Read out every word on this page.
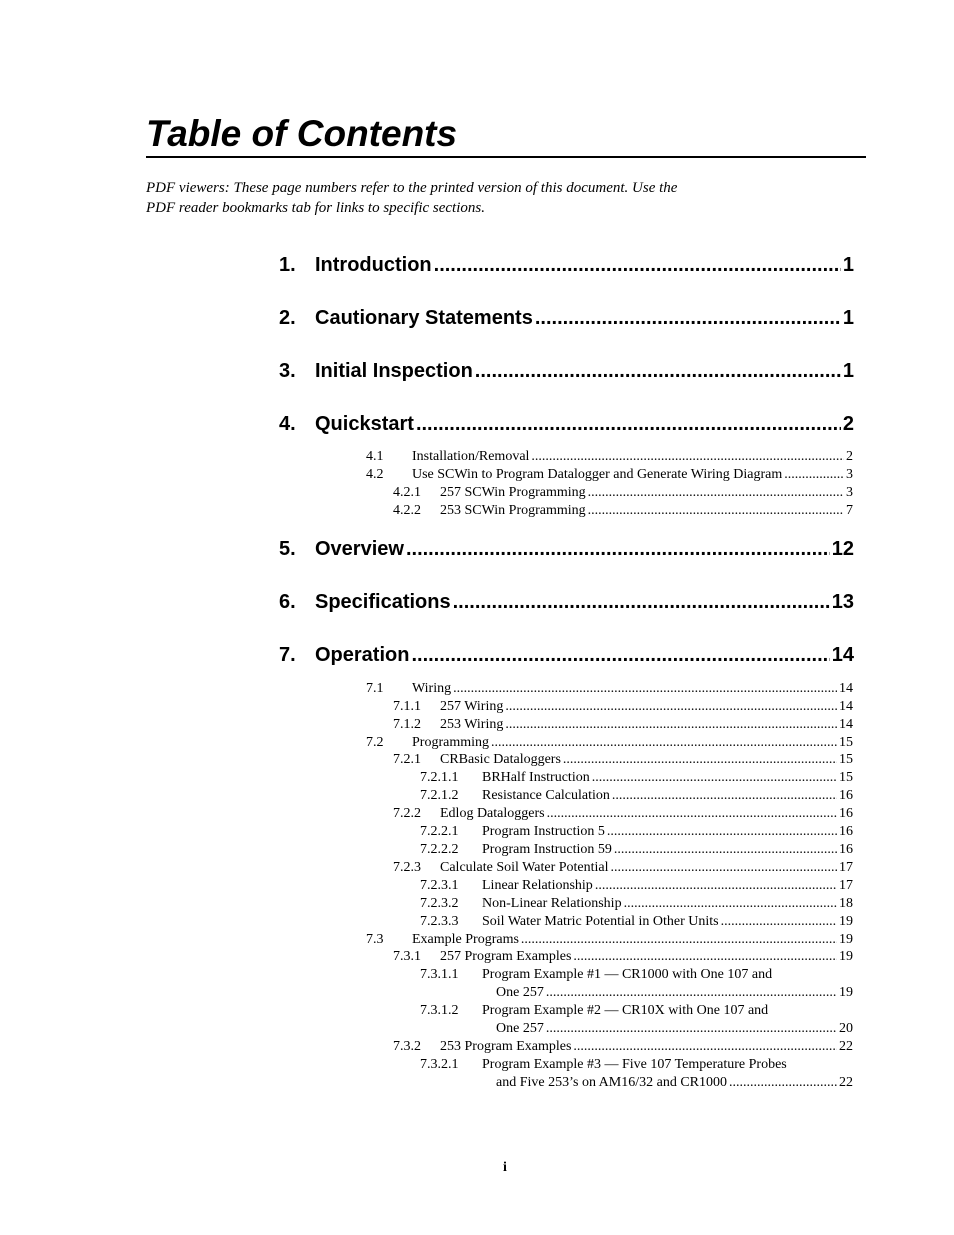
Table of Contents
PDF viewers: These page numbers refer to the printed version of this document. Use the
PDF reader bookmarks tab for links to specific sections.
1. Introduction .....	1
2. Cautionary Statements .....	1
3. Initial Inspection .....	1
4. Quickstart .....	2
4.1	Installation/Removal .....	2
4.2	Use SCWin to Program Datalogger and Generate Wiring Diagram .....	3
4.2.1	257 SCWin Programming .....	3
4.2.2	253 SCWin Programming .....	7
5. Overview .....	12
6. Specifications .....	13
7. Operation .....	14
7.1	Wiring .....	14
7.1.1	257 Wiring .....	14
7.1.2	253 Wiring .....	14
7.2	Programming .....	15
7.2.1	CRBasic Dataloggers .....	15
7.2.1.1	BRHalf Instruction .....	15
7.2.1.2	Resistance Calculation .....	16
7.2.2	Edlog Dataloggers .....	16
7.2.2.1	Program Instruction 5 .....	16
7.2.2.2	Program Instruction 59 .....	16
7.2.3	Calculate Soil Water Potential .....	17
7.2.3.1	Linear Relationship .....	17
7.2.3.2	Non-Linear Relationship .....	18
7.2.3.3	Soil Water Matric Potential in Other Units .....	19
7.3	Example Programs .....	19
7.3.1	257 Program Examples .....	19
7.3.1.1	Program Example #1 — CR1000 with One 107 and
One 257 .....	19
7.3.1.2	Program Example #2 — CR10X with One 107 and
One 257 .....	20
7.3.2	253 Program Examples .....	22
7.3.2.1	Program Example #3 — Five 107 Temperature Probes
and Five 253’s on AM16/32 and CR1000 .....	22
i
